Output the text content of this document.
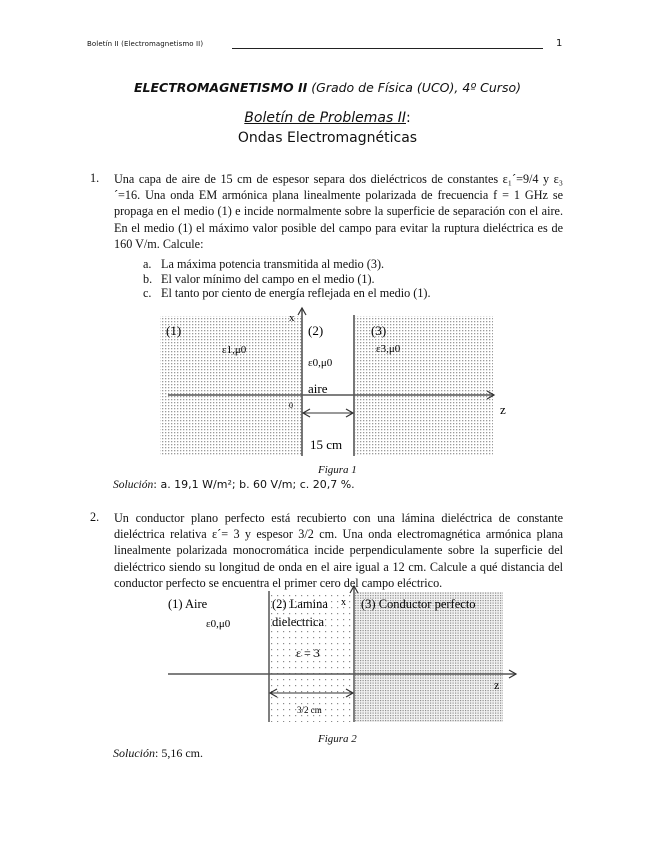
Boletín II (Electromagnetismo II)	1
ELECTROMAGNETISMO II (Grado de Física (UCO), 4º Curso)
Boletín de Problemas II:
Ondas Electromagnéticas
1. Una capa de aire de 15 cm de espesor separa dos dieléctricos de constantes ε₁´=9/4 y ε₃´=16. Una onda EM armónica plana linealmente polarizada de frecuencia f = 1 GHz se propaga en el medio (1) e incide normalmente sobre la superficie de separación con el aire. En el medio (1) el máximo valor posible del campo para evitar la ruptura dieléctrica es de 160 V/m. Calcule:
a. La máxima potencia transmitida al medio (3).
b. El valor mínimo del campo en el medio (1).
c. El tanto por ciento de energía reflejada en el medio (1).
(1)
ε1,μ0
(2)
ε0,μ0
aire
(3)
ε3,μ0
x
z
0
15 cm
(1) Aire
ε0,μ0
(2) Lamina
dielectrica
ε = 3
x (3) Conductor perfecto
z
3/2 cm
Figura 1
Solución: a. 19,1 W/m²; b. 60 V/m; c. 20,7 %.
2. Un conductor plano perfecto está recubierto con una lámina dieléctrica de constante dieléctrica relativa ε´= 3 y espesor 3/2 cm. Una onda electromagnética armónica plana linealmente polarizada monocromática incide perpendiculamente sobre la superficie del dieléctrico siendo su longitud de onda en el aire igual a 12 cm. Calcule a qué distancia del conductor perfecto se encuentra el primer cero del campo eléctrico.
Figura 2
Solución: 5,16 cm.
